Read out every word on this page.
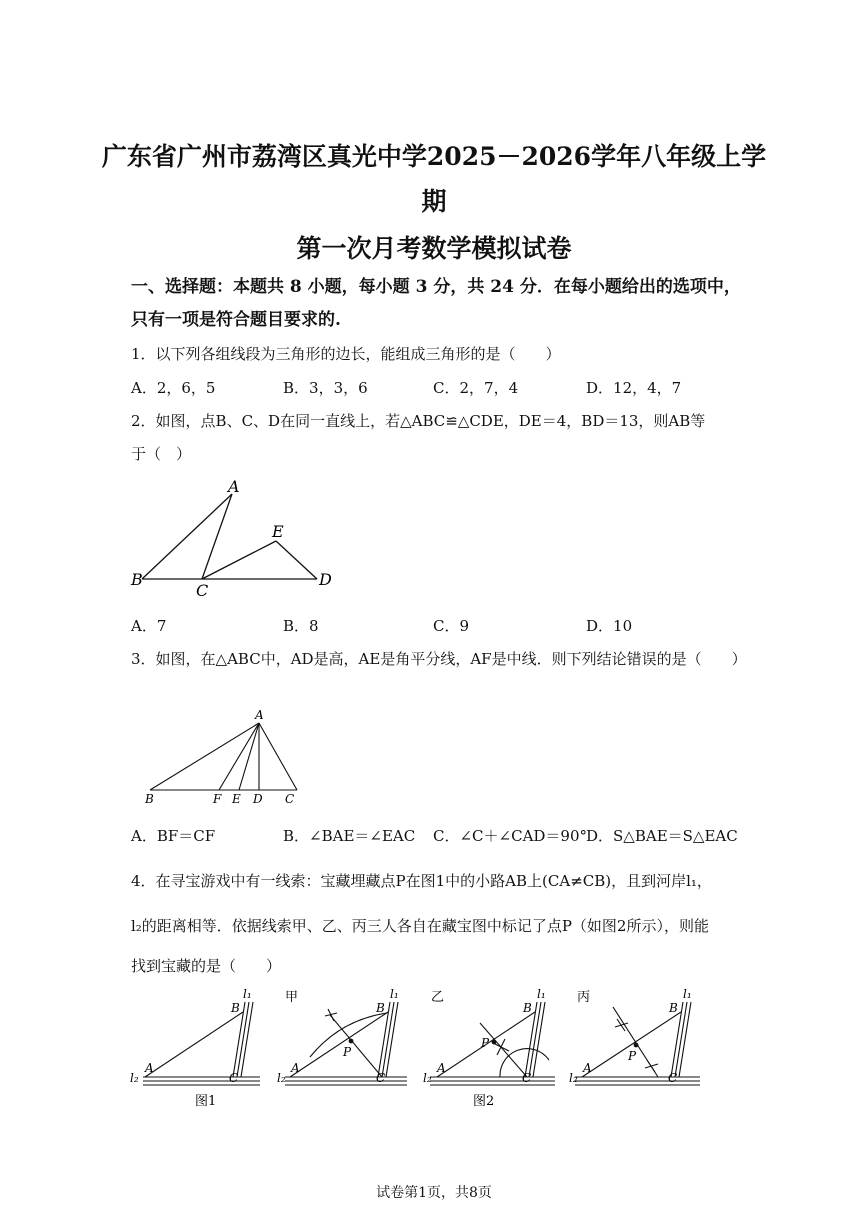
广东省广州市荔湾区真光中学2025－2026学年八年级上学
期
第一次月考数学模拟试卷
一、选择题：本题共 8 小题，每小题 3 分，共 24 分．在每小题给出的选项中，
只有一项是符合题目要求的.
1．以下列各组线段为三角形的边长，能组成三角形的是（　　）
A．2，6，5	B．3，3，6	C．2，7，4	D．12，4，7
2．如图，点B、C、D在同一直线上，若△ABC≌△CDE，DE＝4，BD＝13，则AB等
于（　）
A
B
C
D
E
A．7	B．8	C．9	D．10
3．如图，在△ABC中，AD是高，AE是角平分线，AF是中线．则下列结论错误的是（　　）
A
B	F E D C
A．BF＝CF	B．∠BAE＝∠EAC C．∠C＋∠CAD＝90°
D．S△BAE＝S△EAC
4．在寻宝游戏中有一线索：宝藏埋藏点P在图1中的小路AB上(CA≠CB)，且到河岸l₁，
l₂的距离相等．依据线索甲、乙、丙三人各自在藏宝图中标记了点P（如图2所示），则能
找到宝藏的是（　　）
B
l₁
A
l₂	C
图1
甲
B
l₁
A
l₂	C
P
乙
B
l₁
A
l₂	C
P
图2
丙
B
l₁
A
l₂	C
P
试卷第1页，共8页
